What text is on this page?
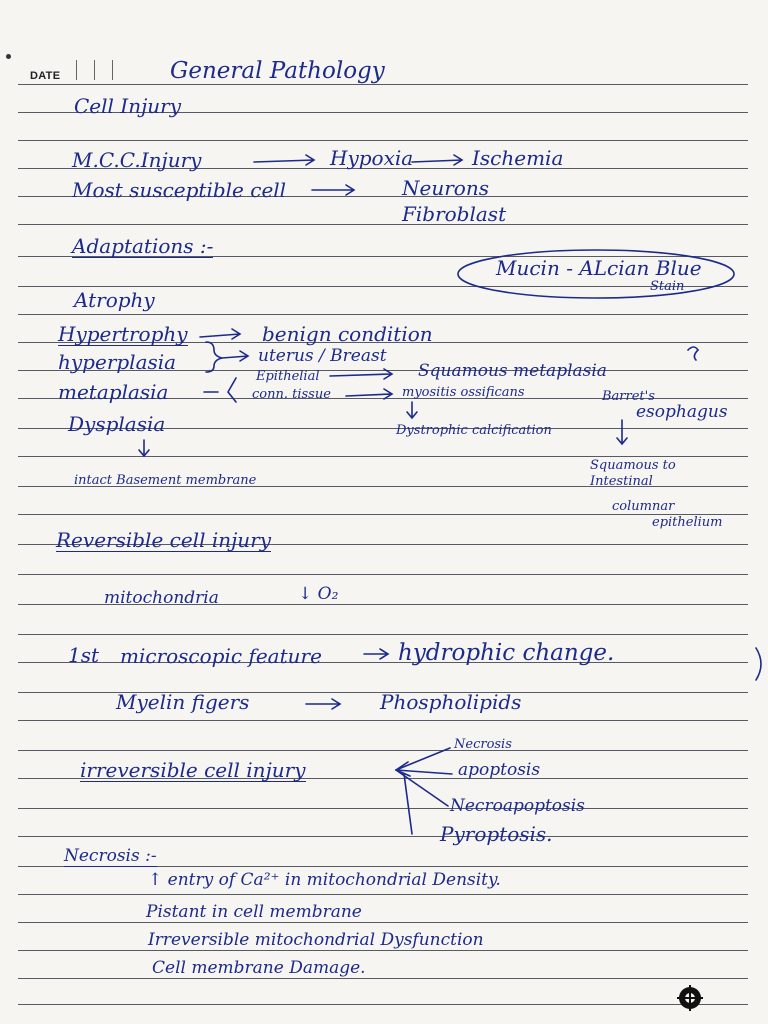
DATE	General Pathology
Cell Injury
M.C.C.Injury	Hypoxia	Ischemia
Most susceptible cell	Neurons
Fibroblast
Adaptations :-
Mucin - ALcian Blue
Stain
Atrophy
Hypertrophy	benign condition
hyperplasia	uterus / Breast
metaplasia
Epithelial	Squamous metaplasia
conn. tissue	myositis ossificans	Barret's
esophagus
Dysplasia	Dystrophic calcification
intact Basement membrane
Squamous to Intestinal
columnar
epithelium
Reversible cell injury
mitochondria	↓ O₂
1st microscopic feature	hydrophic change.
Myelin figers	Phospholipids
irreversible cell injury
Necrosis
apoptosis
Necroapoptosis
Pyroptosis.
Necrosis :-
↑ entry of Ca²⁺ in mitochondrial Density.
Pistant in cell membrane
Irreversible mitochondrial Dysfunction
Cell membrane Damage.
